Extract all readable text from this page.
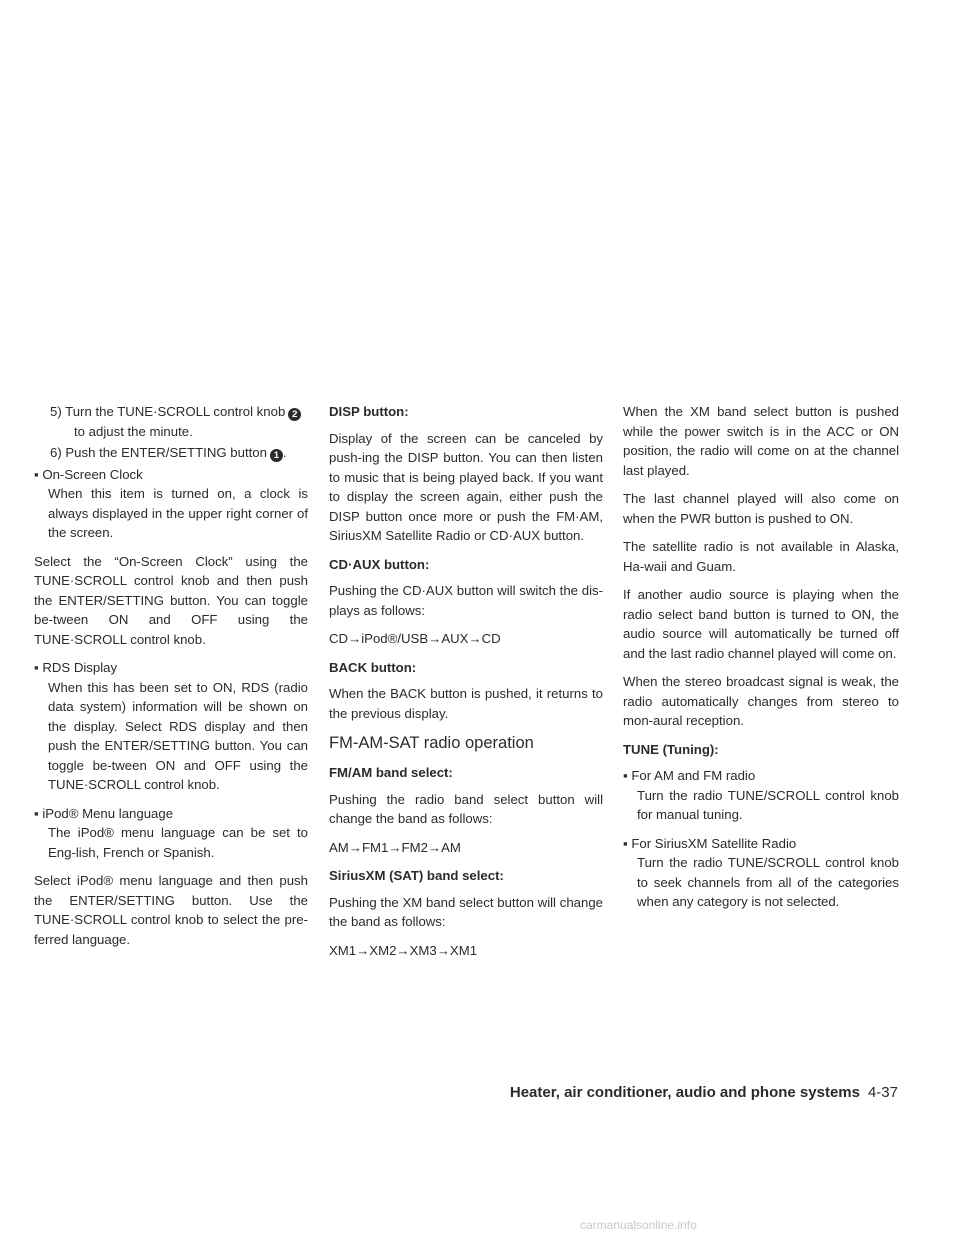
5) Turn the TUNE·SCROLL control knob 2
to adjust the minute.
6) Push the ENTER/SETTING button 1 .
▪ On-Screen Clock
When this item is turned on, a clock is always displayed in the upper right corner of the screen.

Select the “On-Screen Clock” using the TUNE·SCROLL control knob and then push the ENTER/SETTING button. You can toggle be-tween ON and OFF using the TUNE·SCROLL control knob.

▪ RDS Display
When this has been set to ON, RDS (radio data system) information will be shown on the display. Select RDS display and then push the ENTER/SETTING button. You can toggle be-tween ON and OFF using the TUNE·SCROLL control knob.
▪ iPod® Menu language
The iPod® menu language can be set to Eng-lish, French or Spanish.

Select iPod® menu language and then push the ENTER/SETTING button. Use the TUNE·SCROLL control knob to select the pre-ferred language.

DISP button:

Display of the screen can be canceled by push-ing the DISP button. You can then listen to music that is being played back. If you want to display the screen again, either push the DISP button once more or push the FM·AM, SiriusXM Satellite Radio or CD·AUX button.

CD·AUX button:

Pushing the CD·AUX button will switch the dis-plays as follows:

CD→iPod®/USB→AUX→CD

BACK button:

When the BACK button is pushed, it returns to the previous display.

FM-AM-SAT radio operation
FM/AM band select:

Pushing the radio band select button will change the band as follows:

AM→FM1→FM2→AM

SiriusXM (SAT) band select:

Pushing the XM band select button will change the band as follows:

XM1→XM2→XM3→XM1

When the XM band select button is pushed while the power switch is in the ACC or ON position, the radio will come on at the channel last played.

The last channel played will also come on when the PWR button is pushed to ON.

The satellite radio is not available in Alaska, Ha-waii and Guam.

If another audio source is playing when the radio select band button is turned to ON, the audio source will automatically be turned off and the last radio channel played will come on.

When the stereo broadcast signal is weak, the radio automatically changes from stereo to mon-aural reception.

TUNE (Tuning):
▪ For AM and FM radio
Turn the radio TUNE/SCROLL control knob for manual tuning.
▪ For SiriusXM Satellite Radio
Turn the radio TUNE/SCROLL control knob to seek channels from all of the categories when any category is not selected.
Heater, air conditioner, audio and phone systems 4-37
carmanualsonline.info
